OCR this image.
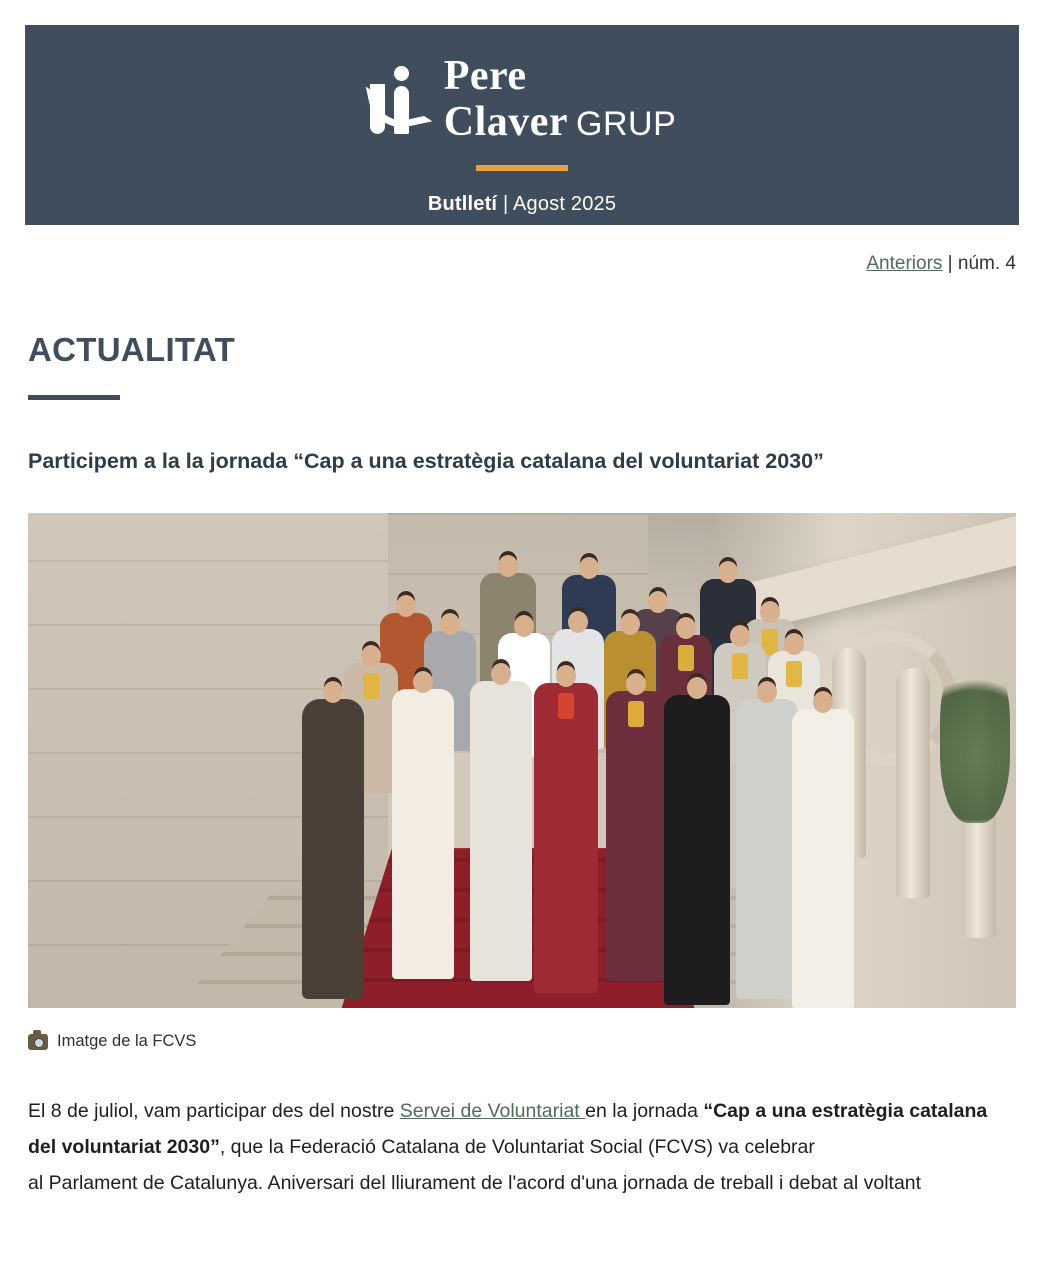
Pere
Claver GRUP
Butlletí | Agost 2025
Anteriors | núm. 4
ACTUALITAT
Participem a la la jornada “Cap a una estratègia catalana del voluntariat 2030”
Imatge de la FCVS

El 8 de juliol, vam participar des del nostre Servei de Voluntariat en la jornada “Cap a una estratègia catalana del voluntariat 2030”, que la Federació Catalana de Voluntariat Social (FCVS) va celebrar
al Parlament de Catalunya. Aniversari del lliurament de l'acord d'una jornada de treball i debat al voltant
